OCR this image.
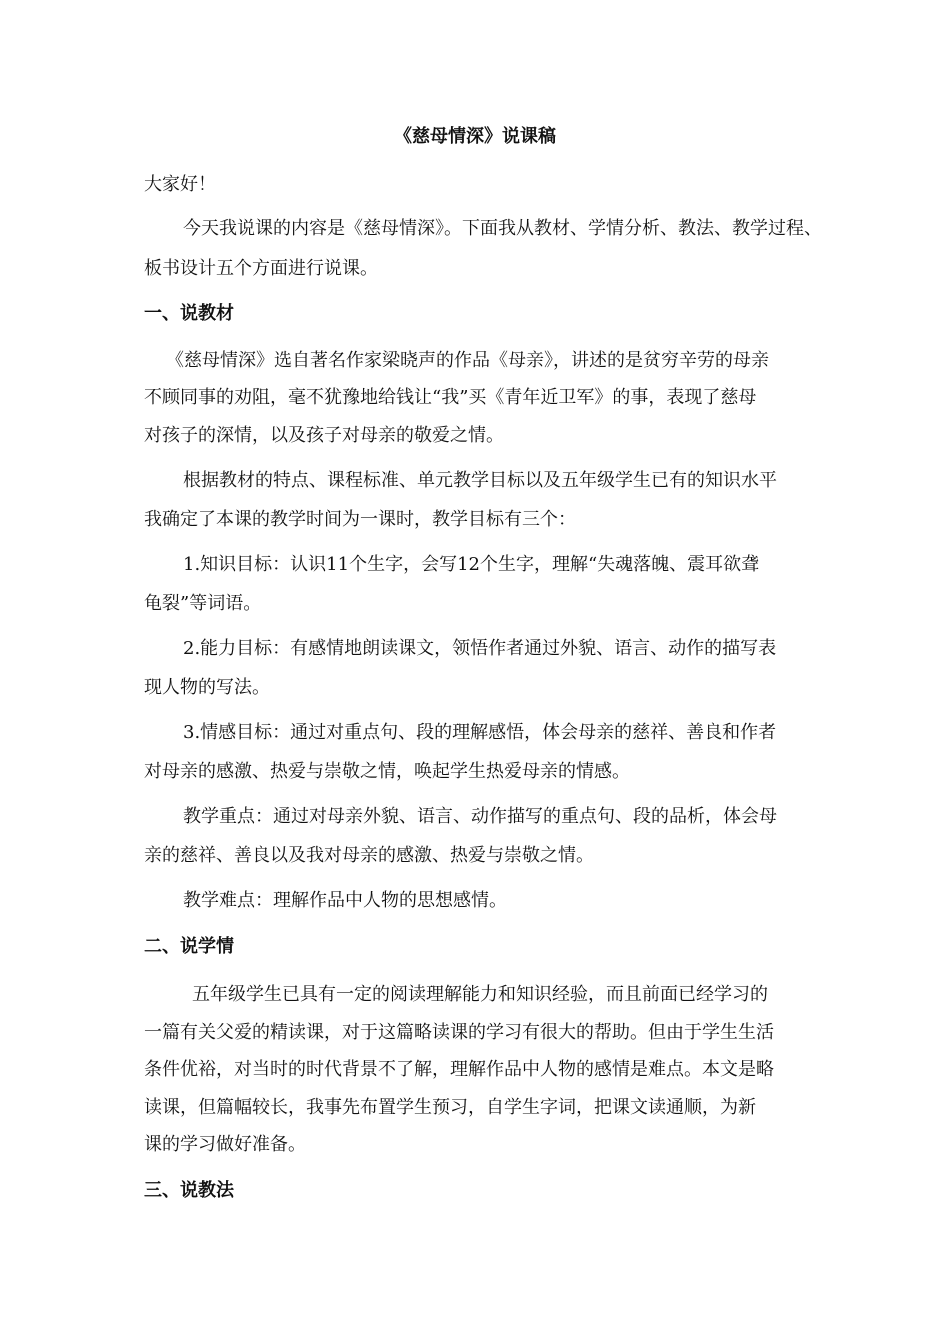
《慈母情深》说课稿
大家好！
今天我说课的内容是《慈母情深》。下面我从教材、学情分析、教法、教学过程、
板书设计五个方面进行说课。
一、说教材
《慈母情深》选自著名作家梁晓声的作品《母亲》，讲述的是贫穷辛劳的母亲
不顾同事的劝阻，毫不犹豫地给钱让“我”买《青年近卫军》的事，表现了慈母
对孩子的深情，以及孩子对母亲的敬爱之情。
根据教材的特点、课程标准、单元教学目标以及五年级学生已有的知识水平
我确定了本课的教学时间为一课时，教学目标有三个：
1.知识目标：认识11个生字，会写12个生字，理解“失魂落魄、震耳欲聋
龟裂”等词语。
2.能力目标：有感情地朗读课文，领悟作者通过外貌、语言、动作的描写表
现人物的写法。
3.情感目标：通过对重点句、段的理解感悟，体会母亲的慈祥、善良和作者
对母亲的感激、热爱与崇敬之情，唤起学生热爱母亲的情感。
教学重点：通过对母亲外貌、语言、动作描写的重点句、段的品析，体会母
亲的慈祥、善良以及我对母亲的感激、热爱与崇敬之情。
教学难点：理解作品中人物的思想感情。
二、说学情
五年级学生已具有一定的阅读理解能力和知识经验，而且前面已经学习的
一篇有关父爱的精读课，对于这篇略读课的学习有很大的帮助。但由于学生生活
条件优裕，对当时的时代背景不了解，理解作品中人物的感情是难点。本文是略
读课，但篇幅较长，我事先布置学生预习，自学生字词，把课文读通顺，为新
课的学习做好准备。
三、说教法
